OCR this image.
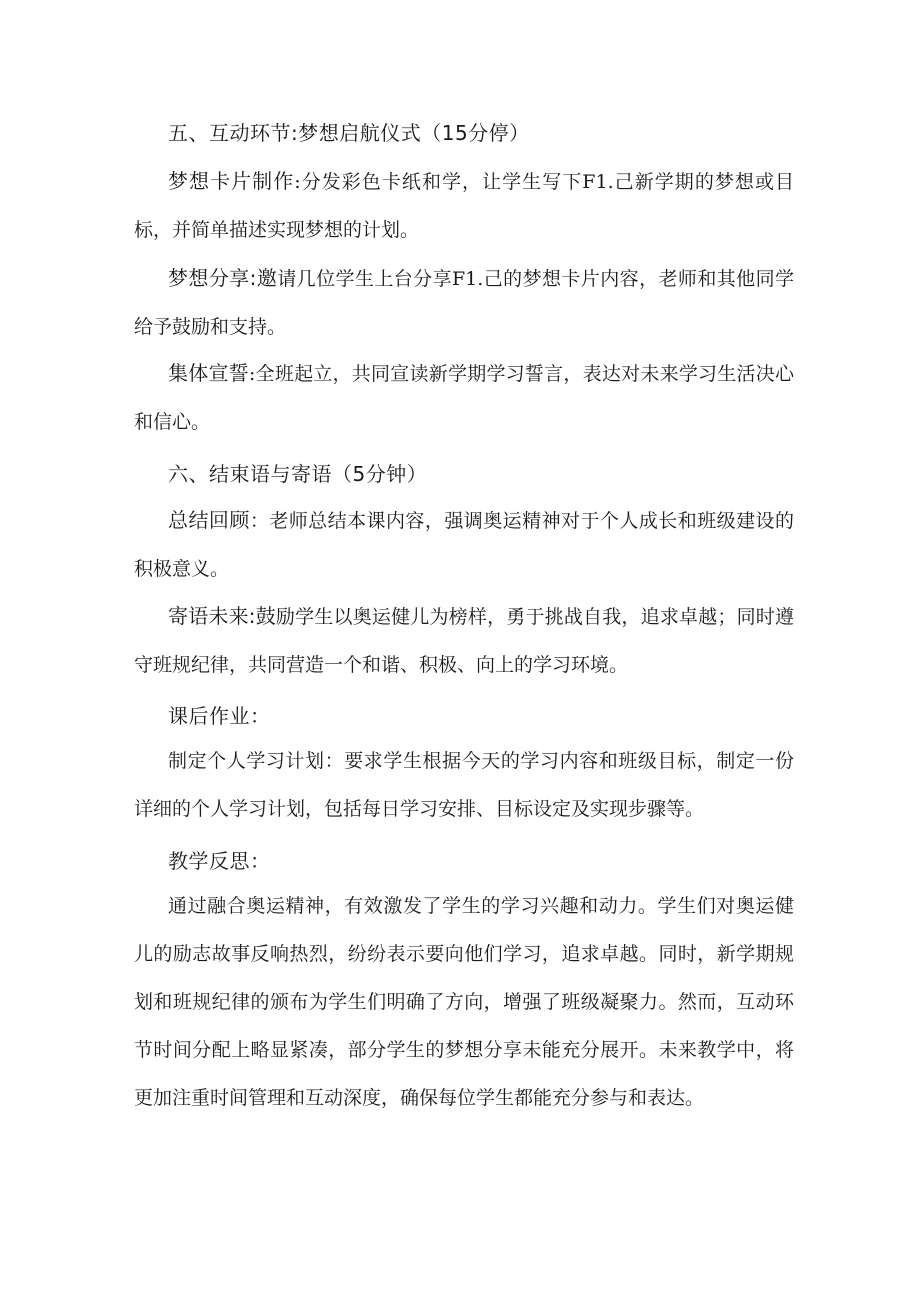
五、互动环节:梦想启航仪式（15分停）
梦想卡片制作:分发彩色卡纸和学，让学生写下F1.己新学期的梦想或目标，并简单描述实现梦想的计划。
梦想分享:邀请几位学生上台分享F1.己的梦想卡片内容，老师和其他同学给予鼓励和支持。
集体宣誓:全班起立，共同宣读新学期学习誓言，表达对未来学习生活决心和信心。
六、结束语与寄语（5分钟）
总结回顾：老师总结本课内容，强调奥运精神对于个人成长和班级建设的积极意义。
寄语未来:鼓励学生以奥运健儿为榜样，勇于挑战自我，追求卓越；同时遵守班规纪律，共同营造一个和谐、积极、向上的学习环境。
课后作业：
制定个人学习计划：要求学生根据今天的学习内容和班级目标，制定一份详细的个人学习计划，包括每日学习安排、目标设定及实现步骤等。
教学反思：
通过融合奥运精神，有效激发了学生的学习兴趣和动力。学生们对奥运健儿的励志故事反响热烈，纷纷表示要向他们学习，追求卓越。同时，新学期规划和班规纪律的颁布为学生们明确了方向，增强了班级凝聚力。然而，互动环节时间分配上略显紧凑，部分学生的梦想分享未能充分展开。未来教学中，将更加注重时间管理和互动深度，确保每位学生都能充分参与和表达。
